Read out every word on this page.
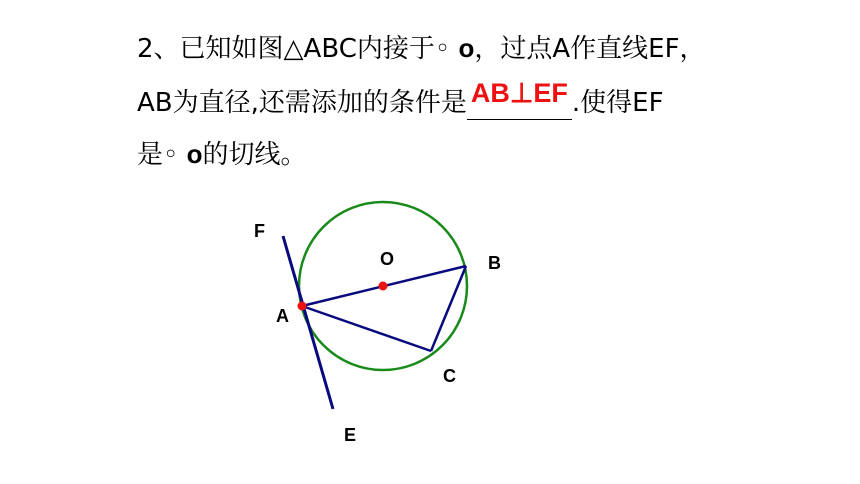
2、已知如图△ABC内接于◦ o，过点A作直线EF，
AB为直径,还需添加的条件是 AB⊥EF .使得EF
是◦ o的切线。
F
O	B
A
C
E
